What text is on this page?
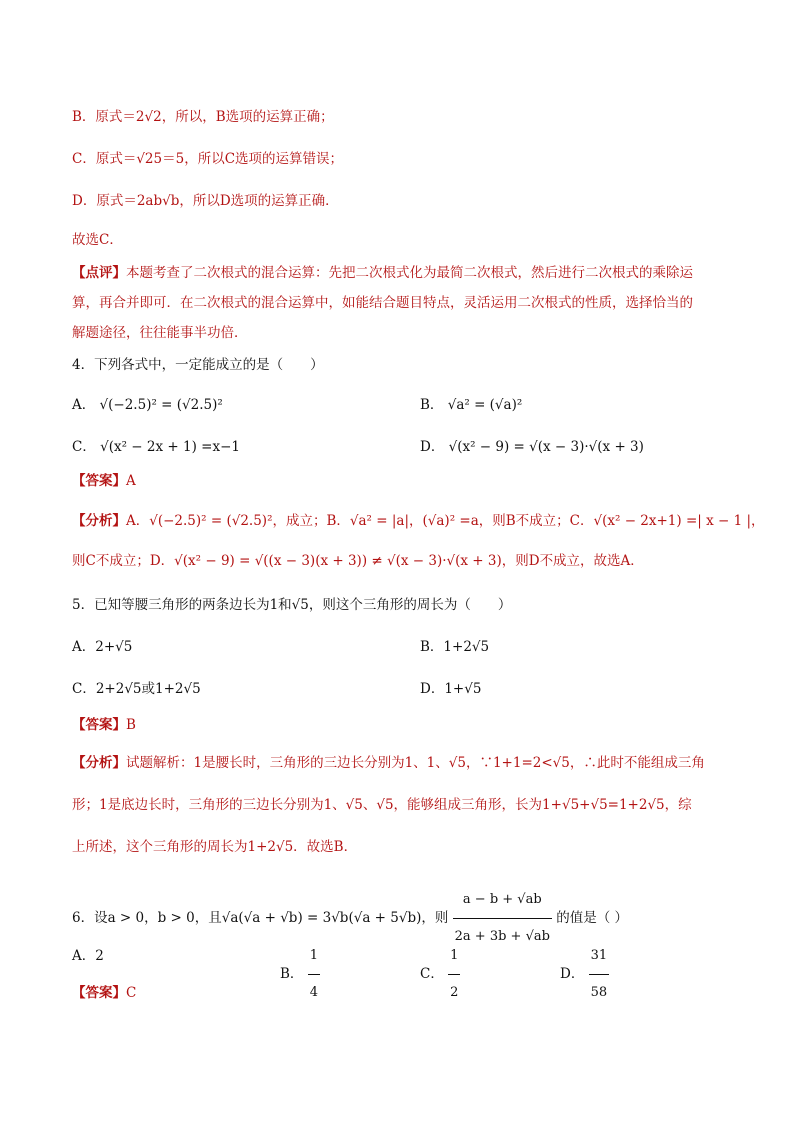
B．原式＝2√2，所以，B选项的运算正确；
C．原式＝√25＝5，所以C选项的运算错误；
D．原式＝2ab√b，所以D选项的运算正确．
故选C．
【点评】本题考查了二次根式的混合运算：先把二次根式化为最简二次根式，然后进行二次根式的乘除运
算，再合并即可．在二次根式的混合运算中，如能结合题目特点，灵活运用二次根式的性质，选择恰当的
解题途径，往往能事半功倍．
4．下列各式中，一定能成立的是（　　）
A． √(−2.5)² = (√2.5)²	B． √a² = (√a)²
C． √(x² − 2x + 1) =x−1	D． √(x² − 9) = √(x − 3)·√(x + 3)
【答案】A
【分析】A．√(−2.5)² = (√2.5)²，成立；B．√a² = |a|，(√a)² =a，则B不成立；C．√(x² − 2x+1) =| x − 1 |，
则C不成立；D．√(x² − 9) = √((x − 3)(x + 3)) ≠ √(x − 3)·√(x + 3)，则D不成立，故选A．
5．已知等腰三角形的两条边长为1和√5，则这个三角形的周长为（　　）
A．2+√5	B．1+2√5
C．2+2√5或1+2√5	D．1+√5
【答案】B
【分析】试题解析：1是腰长时，三角形的三边长分别为1、1、√5，∵1+1=2<√5，∴此时不能组成三角
形；1是底边长时，三角形的三边长分别为1、√5、√5，能够组成三角形，长为1+√5+√5=1+2√5，综
上所述，这个三角形的周长为1+2√5．故选B．
6．设a > 0，b > 0，且√a(√a + √b) = 3√b(√a + 5√b)，则 $\frac{a - b + √ab}{2a + 3b + √ab}$ 的值是（ ）
A．2
B． $\frac{1}{4}$	C． $\frac{1}{2}$	D． $\frac{31}{58}$
【答案】C
